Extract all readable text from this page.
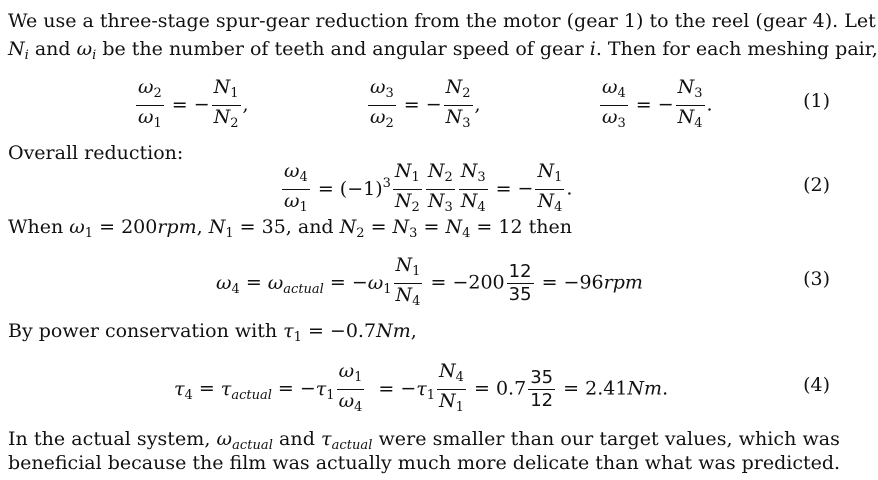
We use a three-stage spur-gear reduction from the motor (gear 1) to the reel (gear 4). Let
$N_i$ and $\omega_i$ be the number of teeth and angular speed of gear i. Then for each meshing pair,
$\frac{\omega_2}{\omega_1}$ = − $\frac{N_1}{N_2}$ ,	$\frac{\omega_3}{\omega_2}$ = − $\frac{N_2}{N_3}$ ,	$\frac{\omega_4}{\omega_3}$ = − $\frac{N_3}{N_4}$ .	(1)
Overall reduction:
$\frac{\omega_4}{\omega_1} = (-1)^3 \frac{N_1}{N_2} \frac{N_2}{N_3} \frac{N_3}{N_4}$ = − $\frac{N_1}{N_4}$ .	(2)
When $\omega_1 = 200rpm$, $N_1 = 35$, and $N_2 = N_3 = N_4 = 12$ then
$\omega_4 = \omega_{actual} = -\omega_1 \frac{N_1}{N_4} = -200 \frac{12}{35} = -96rpm$	(3)
By power conservation with $\tau_1 = -0.7Nm$,
$\tau_4 = \tau_{actual} = -\tau_1 \frac{\omega_1}{\omega_4} = -\tau_1 \frac{N_4}{N_1} = 0.7 \frac{35}{12} = 2.41Nm$.	(4)
In the actual system, $\omega_{actual}$ and $\tau_{actual}$ were smaller than our target values, which was
beneficial because the film was actually much more delicate than what was predicted.
